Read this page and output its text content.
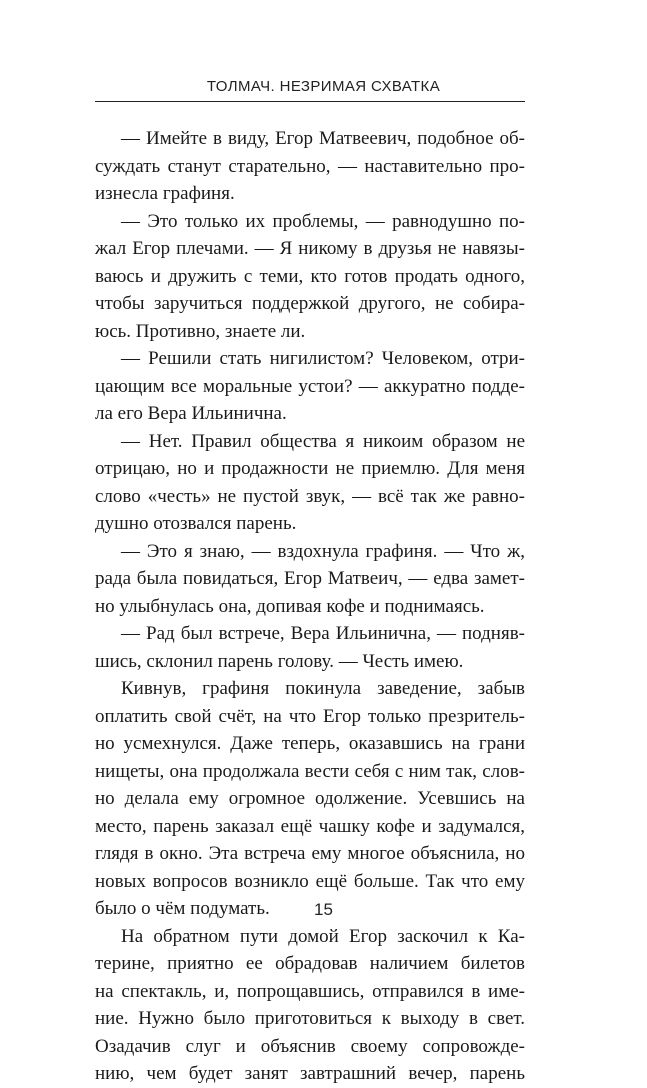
ТОЛМАЧ. НЕЗРИМАЯ СХВАТКА
— Имейте в виду, Егор Матвеевич, подобное об-
суждать станут старательно, — наставительно про-
изнесла графиня.
— Это только их проблемы, — равнодушно по-
жал Егор плечами. — Я никому в друзья не навязы-
ваюсь и дружить с теми, кто готов продать одного,
чтобы заручиться поддержкой другого, не собира-
юсь. Противно, знаете ли.
— Решили стать нигилистом? Человеком, отри-
цающим все моральные устои? — аккуратно подде-
ла его Вера Ильинична.
— Нет. Правил общества я никоим образом не
отрицаю, но и продажности не приемлю. Для меня
слово «честь» не пустой звук, — всё так же равно-
душно отозвался парень.
— Это я знаю, — вздохнула графиня. — Что ж,
рада была повидаться, Егор Матвеич, — едва замет-
но улыбнулась она, допивая кофе и поднимаясь.
— Рад был встрече, Вера Ильинична, — подняв-
шись, склонил парень голову. — Честь имею.
Кивнув, графиня покинула заведение, забыв
оплатить свой счёт, на что Егор только презритель-
но усмехнулся. Даже теперь, оказавшись на грани
нищеты, она продолжала вести себя с ним так, слов-
но делала ему огромное одолжение. Усевшись на
место, парень заказал ещё чашку кофе и задумался,
глядя в окно. Эта встреча ему многое объяснила, но
новых вопросов возникло ещё больше. Так что ему
было о чём подумать.
На обратном пути домой Егор заскочил к Ка-
терине, приятно ее обрадовав наличием билетов
на спектакль, и, попрощавшись, отправился в име-
ние. Нужно было приготовиться к выходу в свет.
Озадачив слуг и объяснив своему сопровожде-
нию, чем будет занят завтрашний вечер, парень
15
